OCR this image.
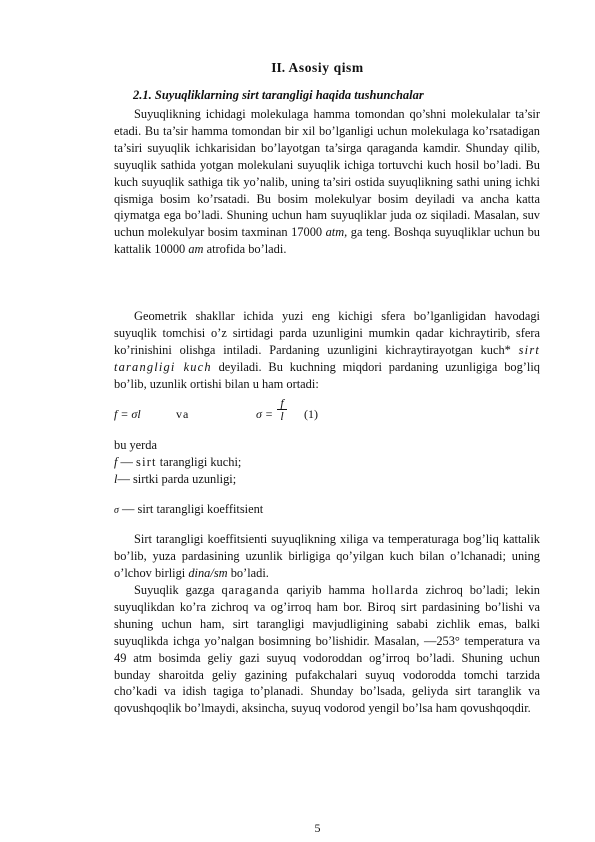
II. Asosiy qism
2.1. Suyuqliklarning sirt tarangligi haqida tushunchalar

Suyuqlikning ichidagi molekulaga hamma tomondan qo’shni molekulalar ta’sir etadi. Bu ta’sir hamma tomondan bir xil bo’lganligi uchun molekulaga ko’rsatadigan ta’siri suyuqlik ichkarisidan bo’layotgan ta’sirga qaraganda kamdir. Shunday qilib, suyuqlik sathida yotgan molekulani suyuqlik ichiga tortuvchi kuch hosil bo’ladi. Bu kuch suyuqlik sathiga tik yo’nalib, uning ta’siri ostida suyuqlikning sathi uning ichki qismiga bosim ko’rsatadi. Bu bosim molekulyar bosim deyiladi va ancha katta qiymatga ega bo’ladi. Shuning uchun ham suyuqliklar juda oz siqiladi. Masalan, suv uchun molekulyar bosim taxminan 17000 atm, ga teng. Boshqa suyuqliklar uchun bu kattalik 10000 am atrofida bo’ladi.

Geometrik shakllar ichida yuzi eng kichigi sfera bo’lganligidan havodagi suyuqlik tomchisi o’z sirtidagi parda uzunligini mumkin qadar kichraytirib, sfera ko’rinishini olishga intiladi. Pardaning uzunligini kichraytirayotgan kuch* sirt tarangligi kuch deyiladi. Bu kuchning miqdori pardaning uzunligiga bog’liq bo’lib, uzunlik ortishi bilan u ham ortadi:

f = σl	va	$\sigma = \frac{f}{l} (1)$
bu yerda
f — sirt tarangligi kuchi;
l— sirtki parda uzunligi;
σ — sirt tarangligi koeffitsient

Sirt tarangligi koeffitsienti suyuqlikning xiliga va temperaturaga bog’liq kattalik bo’lib, yuza pardasining uzunlik birligiga qo’yilgan kuch bilan o’lchanadi; uning o’lchov birligi dina/sm bo’ladi.

Suyuqlik gazga qaraganda qariyib hamma hollarda zichroq bo’ladi; lekin suyuqlikdan ko’ra zichroq va og’irroq ham bor. Biroq sirt pardasining bo’lishi va shuning uchun ham, sirt tarangligi mavjudligining sababi zichlik emas, balki suyuqlikda ichga yo’nalgan bosimning bo’lishidir. Masalan, —253° temperatura va 49 atm bosimda geliy gazi suyuq vodoroddan og’irroq bo’ladi. Shuning uchun bunday sharoitda geliy gazining pufakchalari suyuq vodorodda tomchi tarzida cho’kadi va idish tagiga to’planadi. Shunday bo’lsada, geliyda sirt taranglik va qovushqoqlik bo’lmaydi, aksincha, suyuq vodorod yengil bo’lsa ham qovushqoqdir.

5
